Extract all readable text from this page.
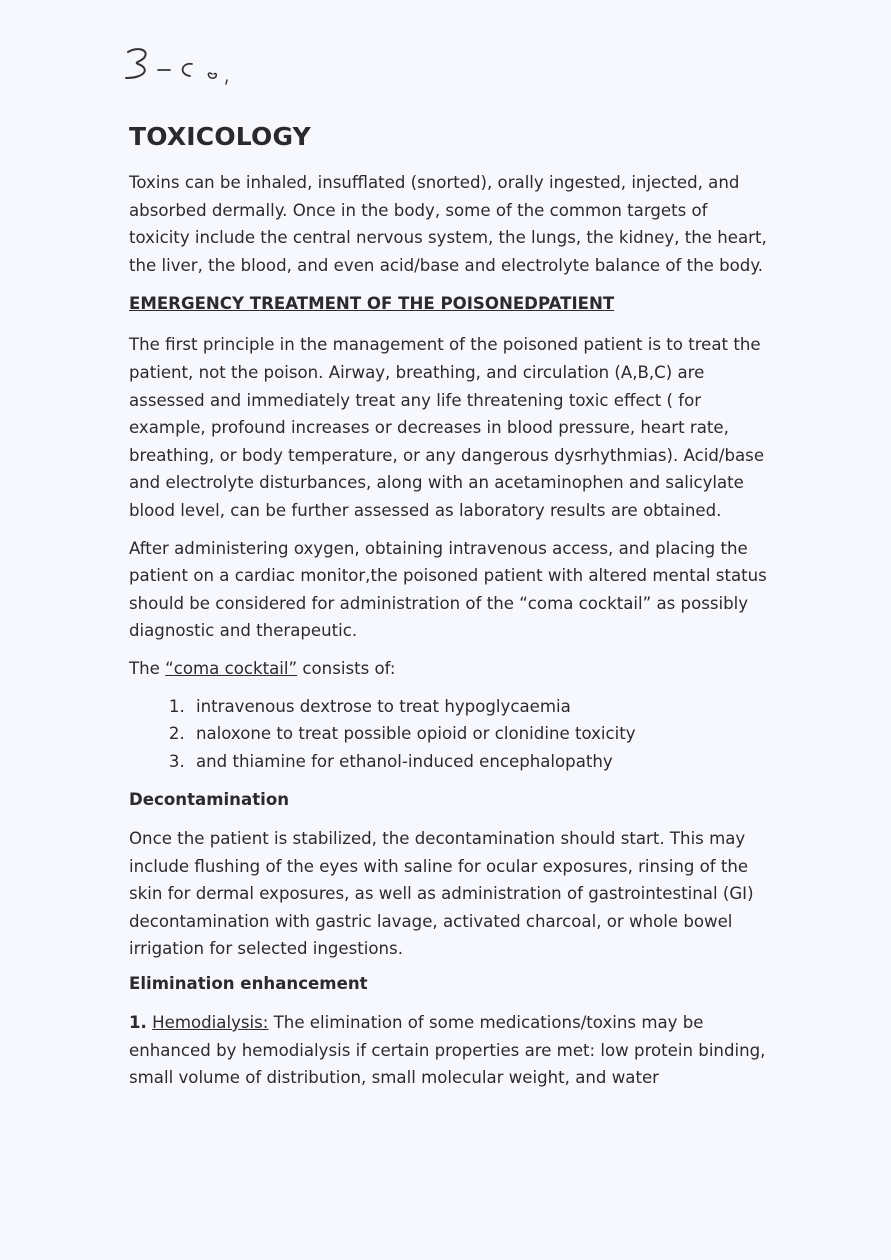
TOXICOLOGY

Toxins can be inhaled, insufflated (snorted), orally ingested, injected, and absorbed dermally. Once in the body, some of the common targets of toxicity include the central nervous system, the lungs, the kidney, the heart, the liver, the blood, and even acid/base and electrolyte balance of the body.

EMERGENCY TREATMENT OF THE POISONEDPATIENT

The first principle in the management of the poisoned patient is to treat the patient, not the poison. Airway, breathing, and circulation (A,B,C) are assessed and immediately treat any life threatening toxic effect ( for example, profound increases or decreases in blood pressure, heart rate, breathing, or body temperature, or any dangerous dysrhythmias). Acid/base and electrolyte disturbances, along with an acetaminophen and salicylate blood level, can be further assessed as laboratory results are obtained.

After administering oxygen, obtaining intravenous access, and placing the patient on a cardiac monitor,the poisoned patient with altered mental status should be considered for administration of the “coma cocktail” as possibly diagnostic and therapeutic.

The “coma cocktail” consists of:

1. intravenous dextrose to treat hypoglycaemia
2. naloxone to treat possible opioid or clonidine toxicity
3. and thiamine for ethanol-induced encephalopathy
Decontamination

Once the patient is stabilized, the decontamination should start. This may include flushing of the eyes with saline for ocular exposures, rinsing of the skin for dermal exposures, as well as administration of gastrointestinal (GI) decontamination with gastric lavage, activated charcoal, or whole bowel irrigation for selected ingestions.

Elimination enhancement

1. Hemodialysis: The elimination of some medications/toxins may be enhanced by hemodialysis if certain properties are met: low protein binding, small volume of distribution, small molecular weight, and water
